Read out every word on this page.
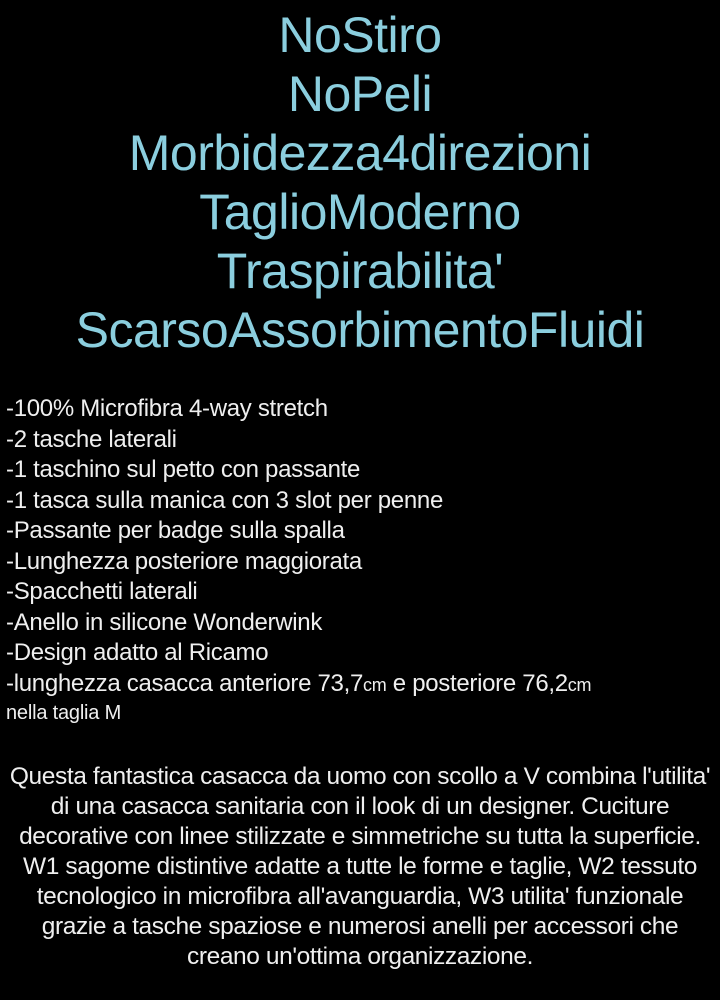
NoStiro
NoPeli
Morbidezza4direzioni
TaglioModerno
Traspirabilita'
ScarsoAssorbimentoFluidi
-100% Microfibra 4-way stretch
-2 tasche laterali
-1 taschino sul petto con passante
-1 tasca sulla manica con 3 slot per penne
-Passante per badge sulla spalla
-Lunghezza posteriore maggiorata
-Spacchetti laterali
-Anello in silicone Wonderwink
-Design adatto al Ricamo
-lunghezza casacca anteriore 73,7cm e posteriore 76,2cm
nella taglia M
Questa fantastica casacca da uomo con scollo a V combina l'utilita' di una casacca sanitaria con il look di un designer. Cuciture decorative con linee stilizzate e simmetriche su tutta la superficie. W1 sagome distintive adatte a tutte le forme e taglie, W2 tessuto tecnologico in microfibra all'avanguardia, W3 utilita' funzionale grazie a tasche spaziose e numerosi anelli per accessori che creano un'ottima organizzazione.
